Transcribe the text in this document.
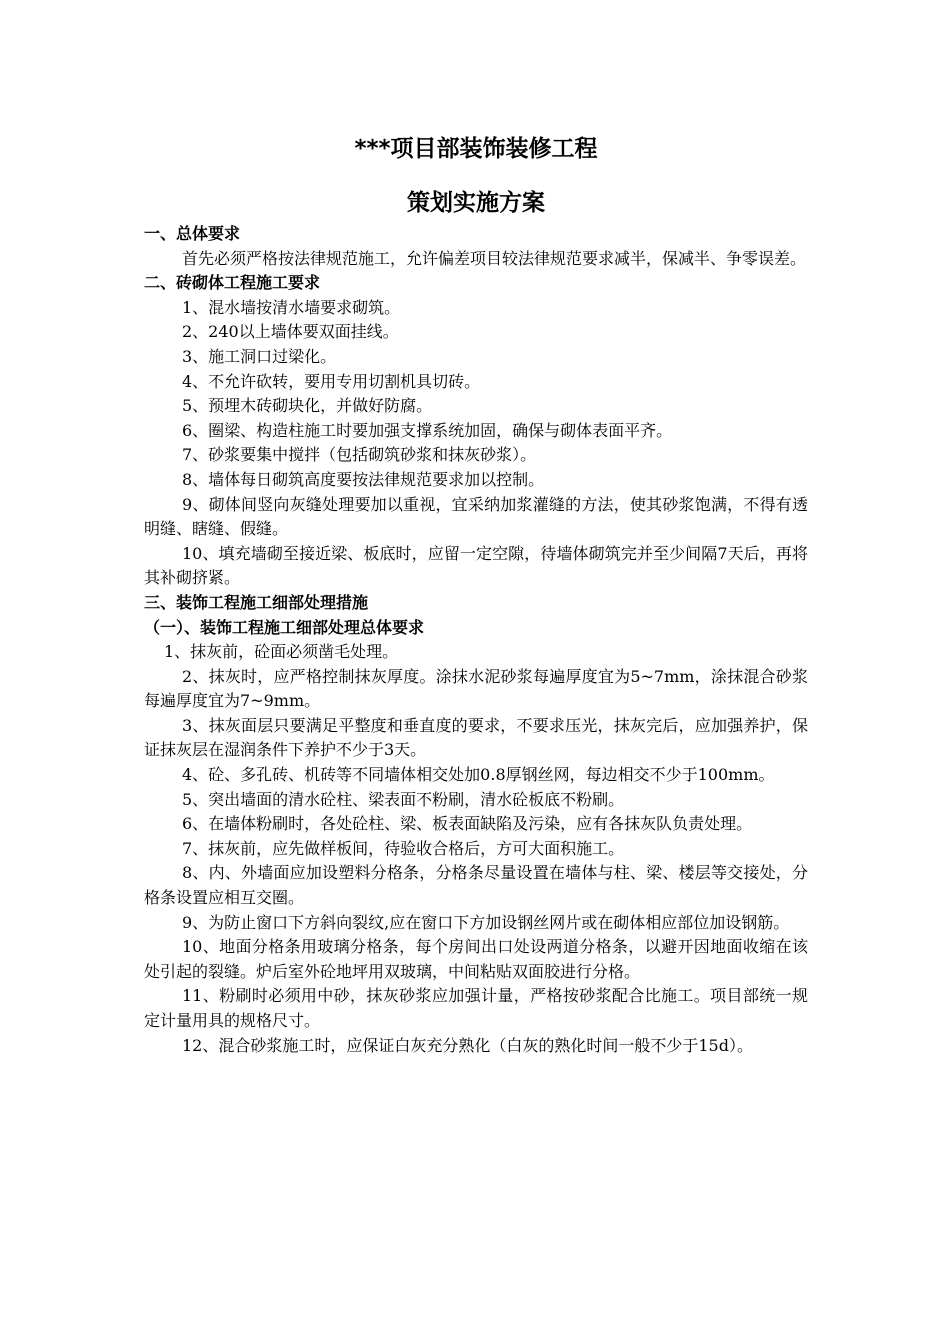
***项目部装饰装修工程
策划实施方案
一、总体要求

首先必须严格按法律规范施工，允许偏差项目较法律规范要求减半，保减半、争零误差。

二、砖砌体工程施工要求

1、混水墙按清水墙要求砌筑。

2、240以上墙体要双面挂线。

3、施工洞口过梁化。

4、不允许砍转，要用专用切割机具切砖。

5、预埋木砖砌块化，并做好防腐。

6、圈梁、构造柱施工时要加强支撑系统加固，确保与砌体表面平齐。

7、砂浆要集中搅拌（包括砌筑砂浆和抹灰砂浆）。

8、墙体每日砌筑高度要按法律规范要求加以控制。

9、砌体间竖向灰缝处理要加以重视，宜采纳加浆灌缝的方法，使其砂浆饱满，不得有透明缝、瞎缝、假缝。

10、填充墙砌至接近梁、板底时，应留一定空隙，待墙体砌筑完并至少间隔7天后，再将其补砌挤紧。

三、装饰工程施工细部处理措施
（一）、装饰工程施工细部处理总体要求

1、抹灰前，砼面必须凿毛处理。

2、抹灰时，应严格控制抹灰厚度。涂抹水泥砂浆每遍厚度宜为5~7mm，涂抹混合砂浆每遍厚度宜为7~9mm。

3、抹灰面层只要满足平整度和垂直度的要求，不要求压光，抹灰完后，应加强养护，保证抹灰层在湿润条件下养护不少于3天。

4、砼、多孔砖、机砖等不同墙体相交处加0.8厚钢丝网，每边相交不少于100mm。

5、突出墙面的清水砼柱、梁表面不粉刷，清水砼板底不粉刷。

6、在墙体粉刷时，各处砼柱、梁、板表面缺陷及污染，应有各抹灰队负责处理。

7、抹灰前，应先做样板间，待验收合格后，方可大面积施工。

8、内、外墙面应加设塑料分格条，分格条尽量设置在墙体与柱、梁、楼层等交接处，分格条设置应相互交圈。

9、为防止窗口下方斜向裂纹,应在窗口下方加设钢丝网片或在砌体相应部位加设钢筋。

10、地面分格条用玻璃分格条，每个房间出口处设两道分格条，以避开因地面收缩在该处引起的裂缝。炉后室外砼地坪用双玻璃，中间粘贴双面胶进行分格。

11、粉刷时必须用中砂，抹灰砂浆应加强计量，严格按砂浆配合比施工。项目部统一规定计量用具的规格尺寸。

12、混合砂浆施工时，应保证白灰充分熟化（白灰的熟化时间一般不少于15d）。
